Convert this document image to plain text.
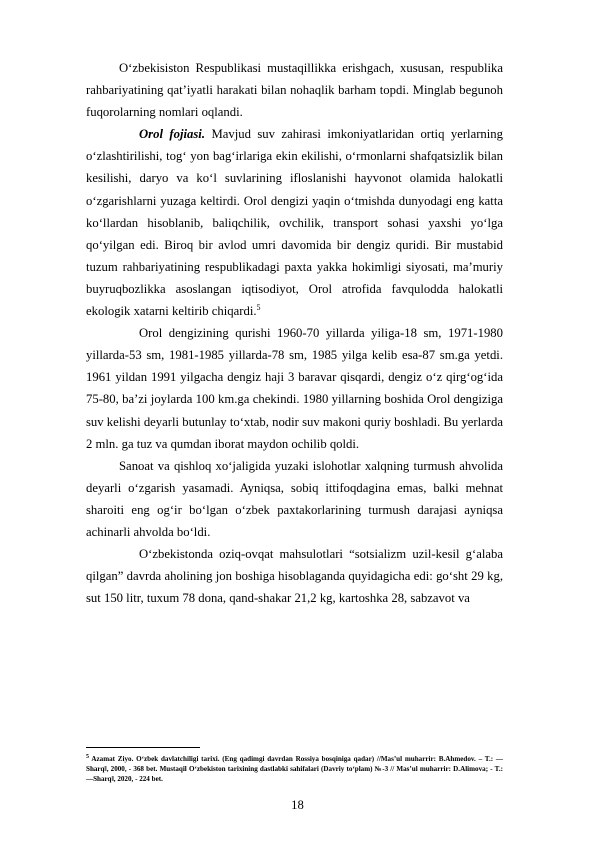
O‘zbekisiston Respublikasi mustaqillikka erishgach, xususan, respublika rahbariyatining qat’iyatli harakati bilan nohaqlik barham topdi. Minglab begunoh fuqorolarning nomlari oqlandi.

Orol fojiasi. Mavjud suv zahirasi imkoniyatlaridan ortiq yerlarning o‘zlashtirilishi, tog‘ yon bag‘irlariga ekin ekilishi, o‘rmonlarni shafqatsizlik bilan kesilishi, daryo va ko‘l suvlarining ifloslanishi hayvonot olamida halokatli o‘zgarishlarni yuzaga keltirdi. Orol dengizi yaqin o‘tmishda dunyodagi eng katta ko‘llardan hisoblanib, baliqchilik, ovchilik, transport sohasi yaxshi yo‘lga qo‘yilgan edi. Biroq bir avlod umri davomida bir dengiz quridi. Bir mustabid tuzum rahbariyatining respublikadagi paxta yakka hokimligi siyosati, ma’muriy buyruqbozlikka asoslangan iqtisodiyot, Orol atrofida favqulodda halokatli ekologik xatarni keltirib chiqardi.$^5$

Orol dengizining qurishi 1960-70 yillarda yiliga-18 sm, 1971-1980 yillarda-53 sm, 1981-1985 yillarda-78 sm, 1985 yilga kelib esa-87 sm.ga yetdi. 1961 yildan 1991 yilgacha dengiz haji 3 baravar qisqardi, dengiz o‘z qirg‘og‘ida 75-80, ba’zi joylarda 100 km.ga chekindi. 1980 yillarning boshida Orol dengiziga suv kelishi deyarli butunlay to‘xtab, nodir suv makoni quriy boshladi. Bu yerlarda 2 mln. ga tuz va qumdan iborat maydon ochilib qoldi.

Sanoat va qishloq xo‘jaligida yuzaki islohotlar xalqning turmush ahvolida deyarli o‘zgarish yasamadi. Ayniqsa, sobiq ittifoqdagina emas, balki mehnat sharoiti eng og‘ir bo‘lgan o‘zbek paxtakorlarining turmush darajasi ayniqsa achinarli ahvolda bo‘ldi.

O‘zbekistonda oziq-ovqat mahsulotlari “sotsializm uzil-kesil g‘alaba qilgan” davrda aholining jon boshiga hisoblaganda quyidagicha edi: go‘sht 29 kg, sut 150 litr, tuxum 78 dona, qand-shakar 21,2 kg, kartoshka 28, sabzavot va

$^5$ Azamat Ziyo. O‘zbek davlatchiligi tarixi. (Eng qadimgi davrdan Rossiya bosqiniga qadar) //Mas’ul muharrir: B.Ahmedov. – T.: ― Sharq‖, 2000, - 368 bet. Mustaqil O‘zbekiston tarixining dastlabki sahifalari (Davriy to‘plam) №-3 // Mas’ul muharrir: D.Alimova; - T.: ―Sharq‖, 2020, - 224 bet.
18
